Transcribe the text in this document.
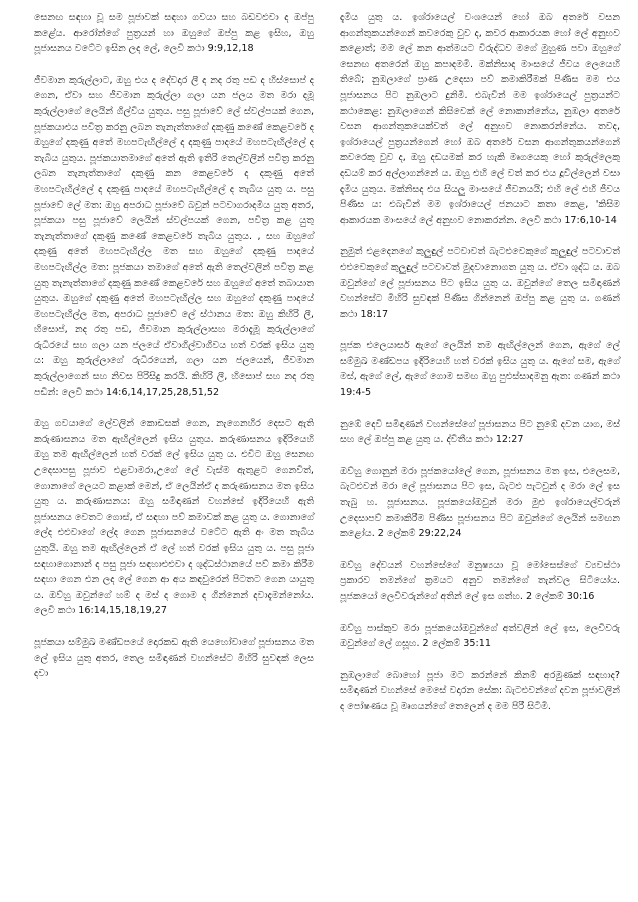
සෙනඟ සඳහා වූ සම පූජාවක් සඳහා ගවයා සහ බඩවළුවා ද ඔප්පු කළේය. ආරෝන්ගේ පුත්‍රයන් හා ඔහුගේ ඔප්පු කළ ඉසිහ, ඔහු පූජාසනය වටේට ඉසින ලද ලේ, ලෙවී කථා 9:9,12,18

ජීවමාන කුරුල්ලාට, ඔහු එය ද දේවදාර ලී ද නද රතු පඩ ද හිස්සොප් ද ගෙන, ඒවා සහ ජීවමාන කුරුල්ලා ගලා යන ජලය මත මරා දමූ කුරුල්ලාගේ ලෙයින් ගිල්විය යුතුය. පසු පූජාවේ ලේ ස්වල්පයක් ගෙන, පූජකයාඑය පවිත්‍ර කරනු ලබන තැනැත්තාගේ දකුණු කණේ කෙළවරේ ද ඔහුගේ දකුණු අතේ මහපටැඟිල්ලේ ද දකුණු පාදයේ මහපටැඟිල්ලේ ද තැබිය යුතුය. පූජකයාතමාගේ අතේ ඇති ඉතිරි තෙල්වලින් පවිත්‍ර කරනු ලබන තැනැත්තාගේ දකුණු කන කෙළවරේ ද දකුණු අතේ මහපටැඟිල්ලේ ද දකුණු පාදයේ මහපටැඟිල්ලේ ද තැබිය යුතු ය. පසු පූජාවේ ලේ මත: ඔහු අපරාධ පූජාවේ බවුන් පටවාගරාදමිය යුතු අතර, පූජකයා පසු පූජාවේ ලෙයින් ස්වල්පයක් ගෙන, පවිත්‍ර කළ යුතු තැනැත්තාගේ දකුණු කණේ කෙළවරේ තැබිය යුතුය. , සහ ඔහුගේ දකුණු අතේ මහපටැඟිල්ල මත සහ ඔහුගේ දකුණු පාදයේ මහපටැඟිල්ල මත: පූජකයා තමාගේ අතේ ඇති තෙල්වලින් පවිත්‍ර කළ යුතු තැනැත්තාගේ දකුණු කණේ කෙළවරේ සහ ඔහුගේ අතේ තබායාත යුතුය. ඔහුගේ දකුණු අතේ මහපටැඟිල්ල සහ ඔහුගේ දකුණු පාදයේ මහපටැඟිල්ල මත, අපරාධ පූජාවේ ලේ ස්ථානය මත: ඔහු කිහිරි ලී, හිසොප්, නද රතු පඩ, ජීවමාන කුරුල්ලාසහ මරාදැමූ කුරුල්ලාගේ රුධිරයේ සහ ගලා යන ජලයේ ඒවාගිල්වාගිවය හත් වරක් ඉසිය යුතු ය: ඔහු කුරුල්ලාගේ රුධිරයෙන්, ගලා යන ජලයෙන්, ජීවමාන කුරුල්ලාගෙන් සහ නිවස පිරිසිදු කරයි. කිහිරි ලී, හිසොප් සහ නද රතු පඩින්: ලෙවී කථා 14:6,14,17,25,28,51,52

ඔහු ගවයාගේ ලේවලින් කොඩසක් ගෙන, නැගෙනහිර දෙසට ඇති කරුණාසනය මත ඇඟිල්ලෙන් ඉසිය යුතුය. කරුණාසනය ඉදිරියෙහි ඔහු තම ඇඟිල්ලෙන් හත් වරක් ලේ ඉසිය යුතු ය. එවිට ඔහු සෙනඟ උදෙසාපසු පූජාව එළවාමරා,උගේ ලේ වැස්ම ඇතුළට ගෙනවිත්, ගොනාගේ ලෙයට කළාක් මෙන්, ඒ ලෙයින්ඒ ද කරුණාසනය මත ඉසිය යුතු ය. කරුණාසනය: ඔහු සමිඳාණන් වහන්සේ ඉදිරියෙහි ඇති පූජාසනය වෙතට ගොස්, ඒ සඳහා පව් කමාවක් කළ යුතු ය. ගොනාගේ ලේද එළුවාගේ ලේද ගෙන පූජාසනයේ වටේට ඇති අං මත තැබිය යුතුයි. ඔහු තම ඇඟිල්ලෙන් ඒ ලේ හත් වරක් ඉසිය යුතු ය. පසු පූජා සඳහාගොනාන් ද පසු පූජා සඳහාඑළුවා ද ශුද්ධස්ථානයේ පව් කමා කිරීම සඳහා ගෙන එන ලද ලේ ගෙන ආ අය කඳවුරෙන් පිටතට ගෙන යායුතු ය. ඔව්හු ඔවුන්ගේ හම් ද මස් ද ගොම ද ගින්නෙන් දවාදැමන්නෝය. ලෙවී කථා 16:14,15,18,19,27

පූජකයා සම්මුඛ මණ්ඩපයේ දොරකඩ ඇති යෙහෝවාගේ පූජාසනය මත ලේ ඉසිය යුතු අතර, තෙල සමිඳාණන් වහන්සේට මිහිරි සුවඳක් ලෙස දවා

දැමිය යුතු ය. ඉශ්රායෙල් වංශයෙන් හෝ ඔබ අතරේ වසන ආගන්තුකයන්ගෙන් කවරෙකු වුව ද, කවර ආකාරයක හෝ ලේ අනුභව කළොත්; මම ලේ කන ආත්මයට විරුද්ධව මගේ මුහුණ පවා ඔහුගේ සෙනඟ අතරෙන් ඔහු කපාදමමි. මක්නිසාද මාංසයේ ජීවය ලෙයෙහි තිබේ; නුඹලාගේ ප්‍රාණ උදෙසා පව් කමාකිරීමක් පිණිස මම එය පූජාසනය පිට නුඹලාට දුනිමි. එබැවින් මම ඉශ්රායෙල් පුත්‍රයන්ට කථාකෙළ: නුඹලාගෙන් කිසිවෙක් ලේ නොකාන්නේය, නුඹලා අතරේ වසන ආගන්තුකයෙක්වත් ලේ අනුභව නොකරන්නේය. තවද, ඉශ්රායෙල් පුත්‍රයන්ගෙන් හෝ ඔබ අතරේ වසන ආගන්තුකයන්ගෙන් කවරෙකු වුව ද, ඔහු දඩයමක් කර හැකි මෘගයෙකු හෝ කුරුල්ලෙකු දඩයම් කර අල්ලාගන්නේ ය. ඔහු එහි ලේ වත් කර එය දූවිල්ලෙන් වසා දැමිය යුතුය. මක්නිසද එය සියලු මාංසයේ ජීවනයයි; එහි ලේ එහි ජීවය පිණිස ය: එබැවින් මම ඉශ්රායෙල් ජනයාට කතා කෙළ, 'කිසිම ආකාරයක මාංසයේ ලේ අනුභව නොකරන්න. ලෙවී කථා 17:6,10-14

නුමුත් එළදෙනගේ කුලුඳුල් පටවාවත් බැටළුවෙකුගේ කුලුඳුල් පටවාවත් එළුවෙකුගේ කුලුඳුල් පටවාවත් මුදවානොගත යුතු ය. ඒවා ශුද්ධ ය. ඔබ ඔවුන්ගේ ලේ පූජාසනය පිට ඉසිය යුතු ය. ඔවුන්ගේ තෙල සමිඳාණන් වහන්සේට මිහිරි සුවඳක් පිණිස ගින්නෙන් ඔප්පු කළ යුතු ය. ගණන් කථා 18:17

පූජක එලෙයාසර් ඇගේ ලෙයින් තම ඇඟිල්ලෙන් ගෙන, ඇගේ ලේ සම්මුඛ මණ්ඩපය ඉදිරියෙහි හත් වරක් ඉසිය යුතු ය. ඇගේ සම, ඇගේ මස්, ඇගේ ලේ, ඇගේ ගොම සමඟ ඔහු පුළුස්සාදමනු ඇත: ගණන් කථා 19:4-5

නුඹේ දෙවි සමිඳාණන් වහන්සේගේ පූජාසනය පිට නුඹේ දවන යාග, මස් සහ ලේ ඔප්පු කළ යුතු ය. ද්විතීය කථා 12:27

ඔව්හු ගොනුන් මරා පූජකයෝලේ ගෙන, පූජාසනය මත ඉස, එලෙසම, බැටළුවන් මරා ලේ පූජාසනය පිට ඉස, බැටළු පැටවුන් ද මරා ලේ ඉස තැබු හ. පූජාසනය. පූජකයෝඔවුන් මරා මුළු ඉශ්රායෙල්වරුන් උදෙසාපව් කමාකිරීම පිණිස පූජාසනය පිට ඔවුන්ගේ ලෙයින් සමඟන කළෝය. 2 ලේකම් 29:22,24

ඔව්හු දේවයන් වහන්සේගේ මනුෂ්‍යයා වූ මෝසෙස්ගේ ව්‍යවස්ථා ප්‍රකාරව තමන්ගේ ක්‍රමයට අනුව තමන්ගේ තැන්වල සිටියෝය. පූජකයෝ ලෙවීවරුන්ගේ අතින් ලේ ඉස ගත්හ. 2 ලේකම් 30:16

ඔව්හු පාස්කුව මරා පූජකයෝඔවුන්ගේ අත්වලින් ලේ ඉස, ලෙවීවරු ඔවුන්ගේ ලේ ගසූහ. 2 ලේකම් 35:11

නුඹලාගේ බොහෝ පූජා මට කරන්නේ කිනම් අරමුණක් සඳහාද? සමිඳාණන් වහන්සේ මෙසේ වදාරන සේක: බැටළුවන්ගේ දවන පූජාවලින් ද පෝෂණය වූ මෘගයන්ගේ තෙලෙන් ද මම පිරී සිටිමි.
